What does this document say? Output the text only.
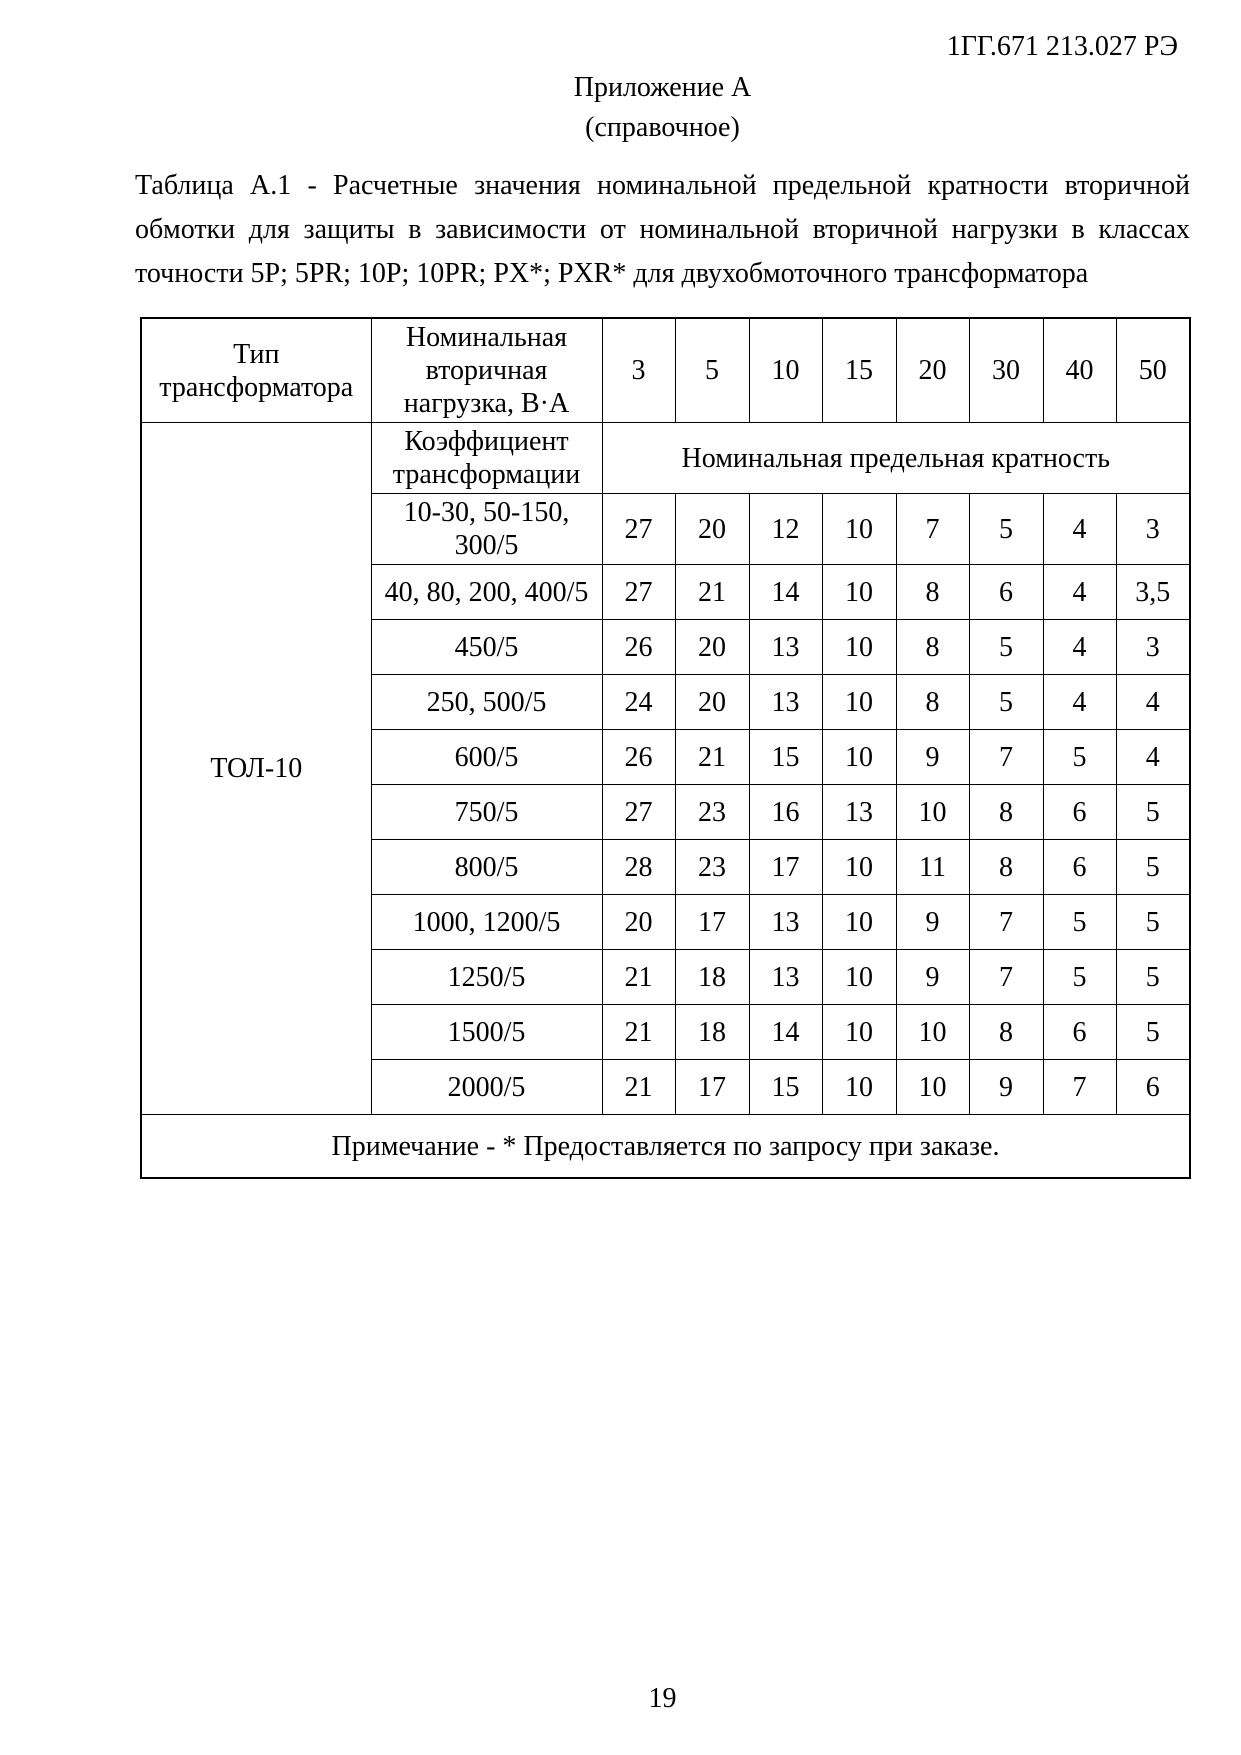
1ГГ.671 213.027 РЭ
Приложение А
(справочное)
Таблица А.1 - Расчетные значения номинальной предельной кратности вторичной
обмотки для защиты в зависимости от номинальной вторичной нагрузки в классах
точности 5P; 5PR; 10P; 10PR; PX*; PXR* для двухобмоточного трансформатора
Тип трансформатора	Номинальная вторичная нагрузка, В·А	3	5	10	15	20	30	40	50
ТОЛ-10	Коэффициент трансформации	Номинальная предельная кратность							
	10-30, 50-150, 300/5	27	20	12	10	7	5	4	3
	40, 80, 200, 400/5	27	21	14	10	8	6	4	3,5
	450/5	26	20	13	10	8	5	4	3
	250, 500/5	24	20	13	10	8	5	4	4
	600/5	26	21	15	10	9	7	5	4
	750/5	27	23	16	13	10	8	6	5
	800/5	28	23	17	10	11	8	6	5
	1000, 1200/5	20	17	13	10	9	7	5	5
	1250/5	21	18	13	10	9	7	5	5
	1500/5	21	18	14	10	10	8	6	5
	2000/5	21	17	15	10	10	9	7	6
Примечание - * Предоставляется по запросу при заказе.									
19
